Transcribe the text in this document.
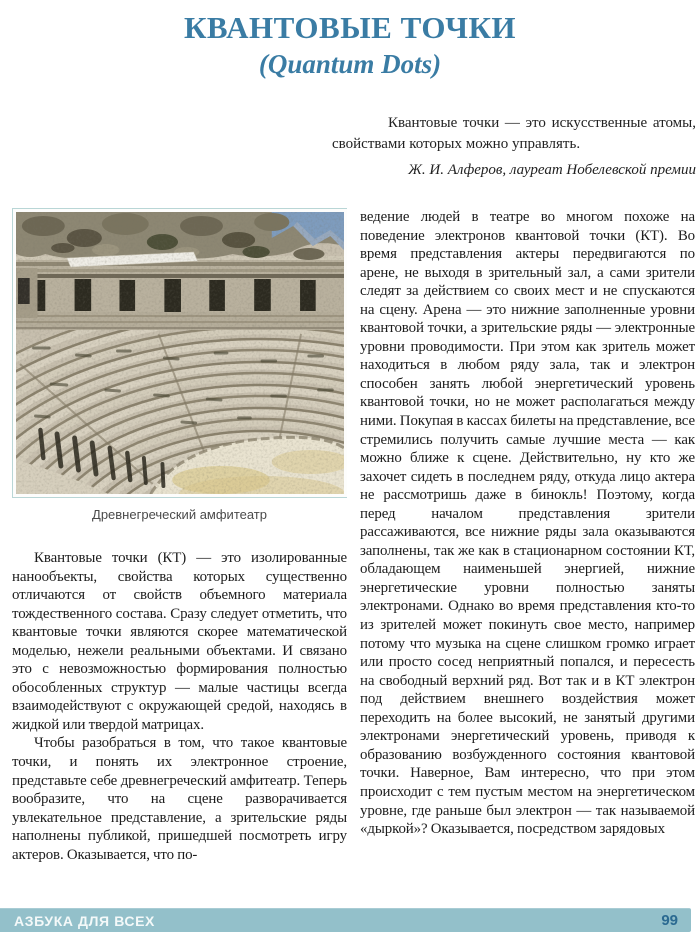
КВАНТОВЫЕ ТОЧКИ
(Quantum Dots)
Квантовые точки — это искусственные атомы, свойствами которых можно управлять.
Ж. И. Алферов, лауреат Нобелевской премии
Древнегреческий амфитеатр

Квантовые точки (КТ) — это изолированные нанообъекты, свойства которых существенно отличаются от свойств объемного материала тождественного состава. Сразу следует отметить, что квантовые точки являются скорее математической моделью, нежели реальными объектами. И связано это с невозможностью формирования полностью обособленных структур — малые частицы всегда взаимодействуют с окружающей средой, находясь в жидкой или твердой матрицах.

Чтобы разобраться в том, что такое квантовые точки, и понять их электронное строение, представьте себе древнегреческий амфитеатр. Теперь вообразите, что на сцене разворачивается увлекательное представление, а зрительские ряды наполнены публикой, пришедшей посмотреть игру актеров. Оказывается, что по-

ведение людей в театре во многом похоже на поведение электронов квантовой точки (КТ). Во время представления актеры передвигаются по арене, не выходя в зрительный зал, а сами зрители следят за действием со своих мест и не спускаются на сцену. Арена — это нижние заполненные уровни квантовой точки, а зрительские ряды — электронные уровни проводимости. При этом как зритель может находиться в любом ряду зала, так и электрон способен занять любой энергетический уровень квантовой точки, но не может располагаться между ними. Покупая в кассах билеты на представление, все стремились получить самые лучшие места — как можно ближе к сцене. Действительно, ну кто же захочет сидеть в последнем ряду, откуда лицо актера не рассмотришь даже в бинокль! Поэтому, когда перед началом представления зрители рассаживаются, все нижние ряды зала оказываются заполнены, так же как в стационарном состоянии КТ, обладающем наименьшей энергией, нижние энергетические уровни полностью заняты электронами. Однако во время представления кто-то из зрителей может покинуть свое место, например потому что музыка на сцене слишком громко играет или просто сосед неприятный попался, и пересесть на свободный верхний ряд. Вот так и в КТ электрон под действием внешнего воздействия может переходить на более высокий, не занятый другими электронами энергетический уровень, приводя к образованию возбужденного состояния квантовой точки. Наверное, Вам интересно, что при этом происходит с тем пустым местом на энергетическом уровне, где раньше был электрон — так называемой «дыркой»? Оказывается, посредством зарядовых

АЗБУКА ДЛЯ ВСЕХ	99
